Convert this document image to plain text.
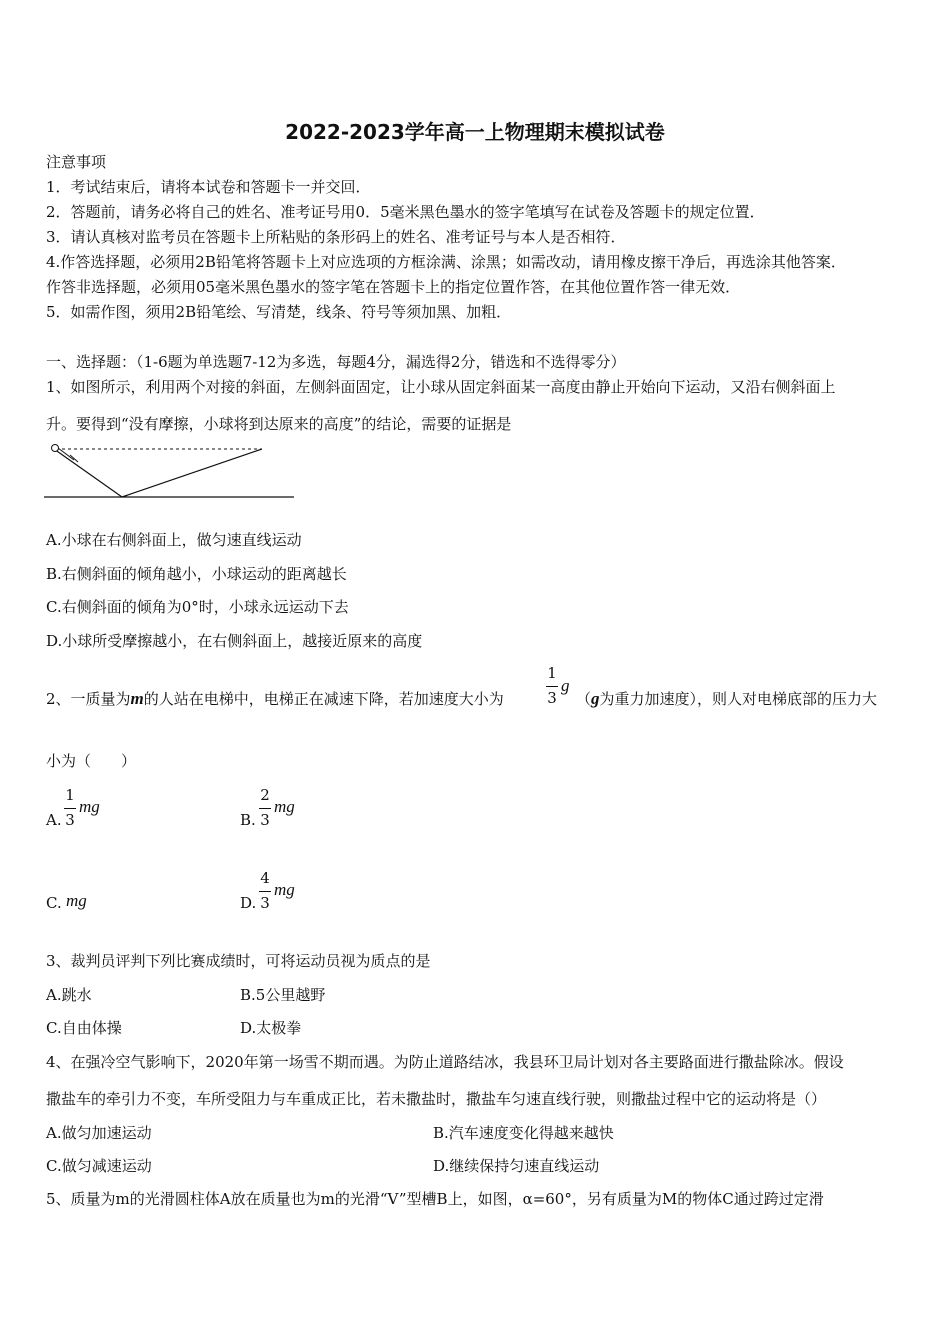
2022-2023学年高一上物理期末模拟试卷
注意事项
1．考试结束后，请将本试卷和答题卡一并交回．
2．答题前，请务必将自己的姓名、准考证号用0．5毫米黑色墨水的签字笔填写在试卷及答题卡的规定位置．
3．请认真核对监考员在答题卡上所粘贴的条形码上的姓名、准考证号与本人是否相符．
4.作答选择题，必须用2B铅笔将答题卡上对应选项的方框涂满、涂黑；如需改动，请用橡皮擦干净后，再选涂其他答案．
作答非选择题，必须用05毫米黑色墨水的签字笔在答题卡上的指定位置作答，在其他位置作答一律无效．
5．如需作图，须用2B铅笔绘、写清楚，线条、符号等须加黑、加粗．
一、选择题：（1-6题为单选题7-12为多选，每题4分，漏选得2分，错选和不选得零分）
1、如图所示，利用两个对接的斜面，左侧斜面固定，让小球从固定斜面某一高度由静止开始向下运动，又沿右侧斜面上
升。要得到“没有摩擦，小球将到达原来的高度”的结论，需要的证据是
A.小球在右侧斜面上，做匀速直线运动
B.右侧斜面的倾角越小，小球运动的距离越长
C.右侧斜面的倾角为0°时，小球永远运动下去
D.小球所受摩擦越小，在右侧斜面上，越接近原来的高度
2、一质量为m的人站在电梯中，电梯正在减速下降，若加速度大小为
1
3
g
（g为重力加速度），则人对电梯底部的压力大
小为（　　）
A.
1
3
mg
B.
2
3
mg
C. mg	D.
4
3
mg
3、裁判员评判下列比赛成绩时，可将运动员视为质点的是
A.跳水	B.5公里越野
C.自由体操	D.太极拳
4、在强冷空气影响下，2020年第一场雪不期而遇。为防止道路结冰，我县环卫局计划对各主要路面进行撒盐除冰。假设
撒盐车的牵引力不变，车所受阻力与车重成正比，若未撒盐时，撒盐车匀速直线行驶，则撒盐过程中它的运动将是（）
A.做匀加速运动	B.汽车速度变化得越来越快
C.做匀减速运动	D.继续保持匀速直线运动
5、质量为m的光滑圆柱体A放在质量也为m的光滑“V”型槽B上，如图，α=60°，另有质量为M的物体C通过跨过定滑
